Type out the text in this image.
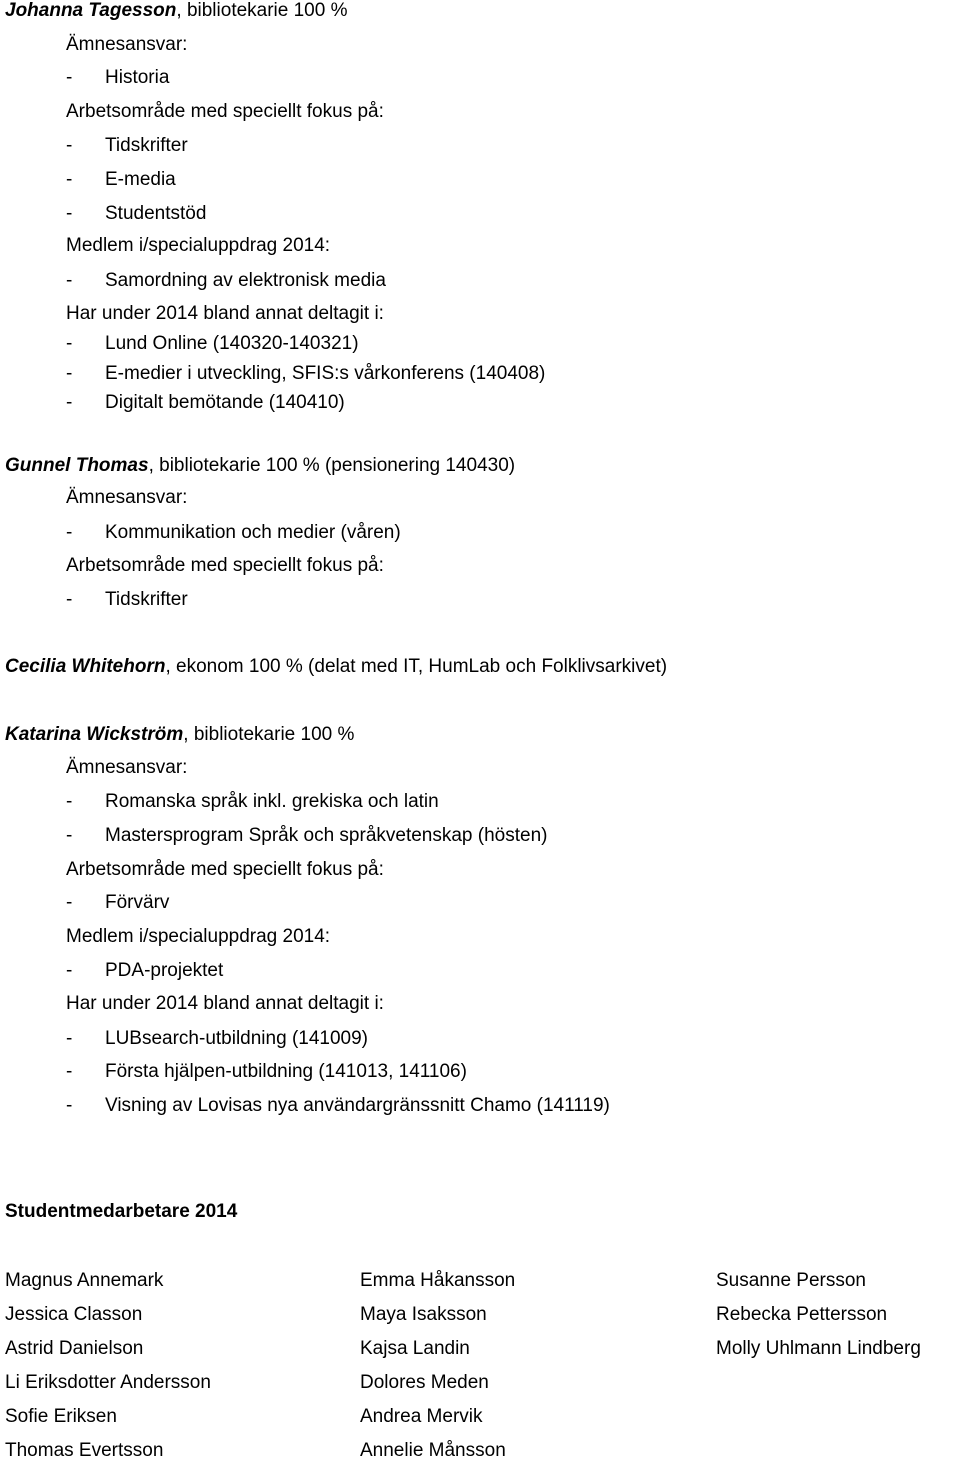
Johanna Tagesson, bibliotekarie 100 %

Ämnesansvar:

- Historia

Arbetsområde med speciellt fokus på:

- Tidskrifter

- E-media

- Studentstöd

Medlem i/specialuppdrag 2014:

- Samordning av elektronisk media

Har under 2014 bland annat deltagit i:

- Lund Online (140320-140321)

- E-medier i utveckling, SFIS:s vårkonferens (140408)

- Digitalt bemötande (140410)

Gunnel Thomas, bibliotekarie 100 % (pensionering 140430)

Ämnesansvar:

- Kommunikation och medier (våren)

Arbetsområde med speciellt fokus på:

- Tidskrifter

Cecilia Whitehorn, ekonom 100 % (delat med IT, HumLab och Folklivsarkivet)

Katarina Wickström, bibliotekarie 100 %

Ämnesansvar:

- Romanska språk inkl. grekiska och latin

- Mastersprogram Språk och språkvetenskap (hösten)

Arbetsområde med speciellt fokus på:

- Förvärv

Medlem i/specialuppdrag 2014:

- PDA-projektet

Har under 2014 bland annat deltagit i:

- LUBsearch-utbildning (141009)

- Första hjälpen-utbildning (141013, 141106)

- Visning av Lovisas nya användargränssnitt Chamo (141119)

Studentmedarbetare 2014

Magnus Annemark
Jessica Classon
Astrid Danielson
Li Eriksdotter Andersson
Sofie Eriksen
Thomas Evertsson
Emma Håkansson
Maya Isaksson
Kajsa Landin
Dolores Meden
Andrea Mervik
Annelie Månsson
Susanne Persson
Rebecka Pettersson
Molly Uhlmann Lindberg
